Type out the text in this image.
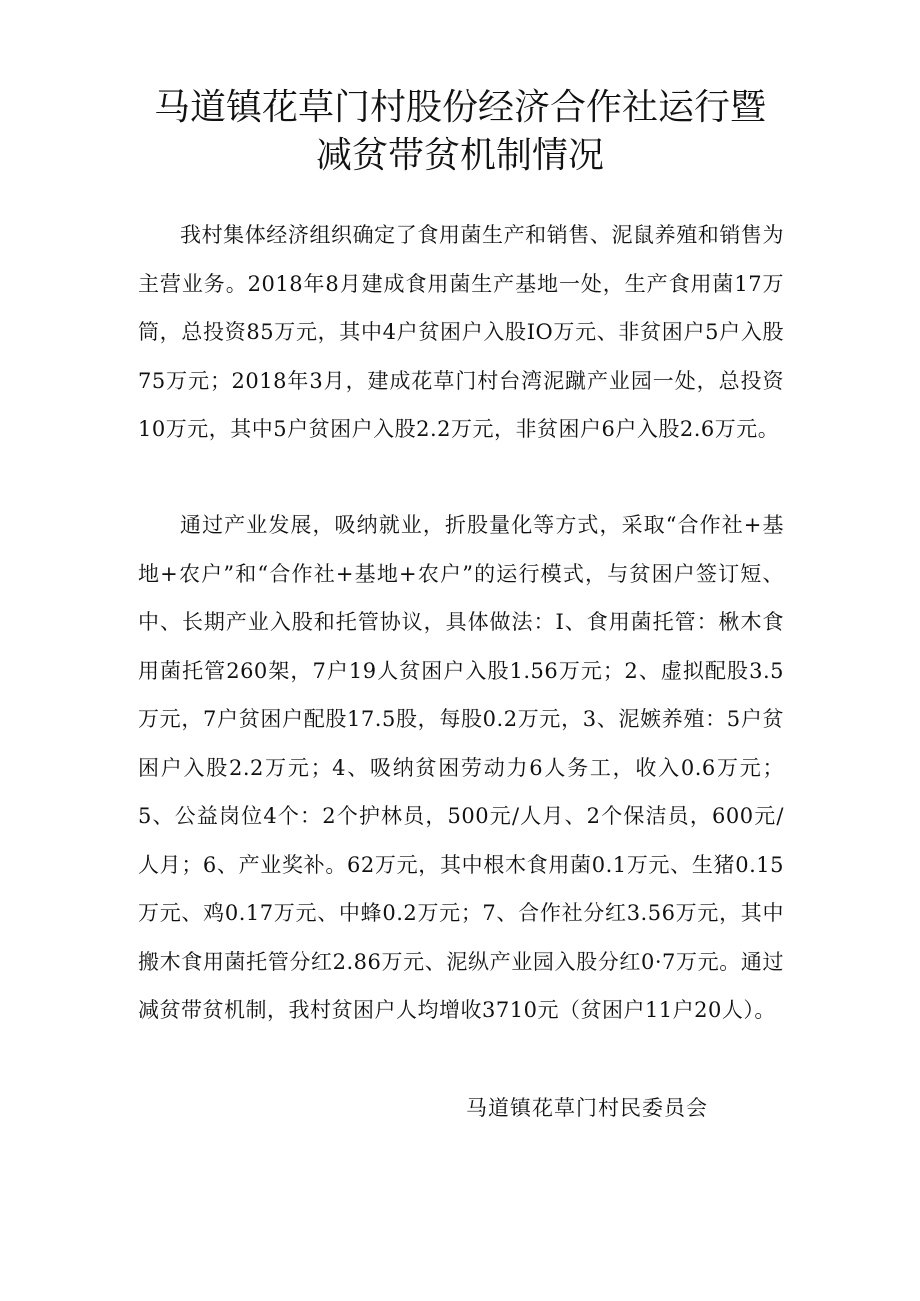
马道镇花草门村股份经济合作社运行暨
减贫带贫机制情况

我村集体经济组织确定了食用菌生产和销售、泥鼠养殖和销售为主营业务。2018年8月建成食用菌生产基地一处，生产食用菌17万筒，总投资85万元，其中4户贫困户入股IO万元、非贫困户5户入股75万元；2018年3月，建成花草门村台湾泥蹴产业园一处，总投资10万元，其中5户贫困户入股2.2万元，非贫困户6户入股2.6万元。

通过产业发展，吸纳就业，折股量化等方式，采取“合作社+基地+农户”和“合作社+基地+农户”的运行模式，与贫困户签订短、中、长期产业入股和托管协议，具体做法：I、食用菌托管：楸木食用菌托管260架，7户19人贫困户入股1.56万元；2、虚拟配股3.5万元，7户贫困户配股17.5股，每股0.2万元，3、泥嫉养殖：5户贫困户入股2.2万元；4、吸纳贫困劳动力6人务工，收入0.6万元；5、公益岗位4个：2个护林员，500元/人月、2个保洁员，600元/人月；6、产业奖补。62万元，其中根木食用菌0.1万元、生猪0.15万元、鸡0.17万元、中蜂0.2万元；7、合作社分红3.56万元，其中搬木食用菌托管分红2.86万元、泥纵产业园入股分红0·7万元。通过减贫带贫机制，我村贫困户人均增收3710元（贫困户11户20人）。

马道镇花草门村民委员会
